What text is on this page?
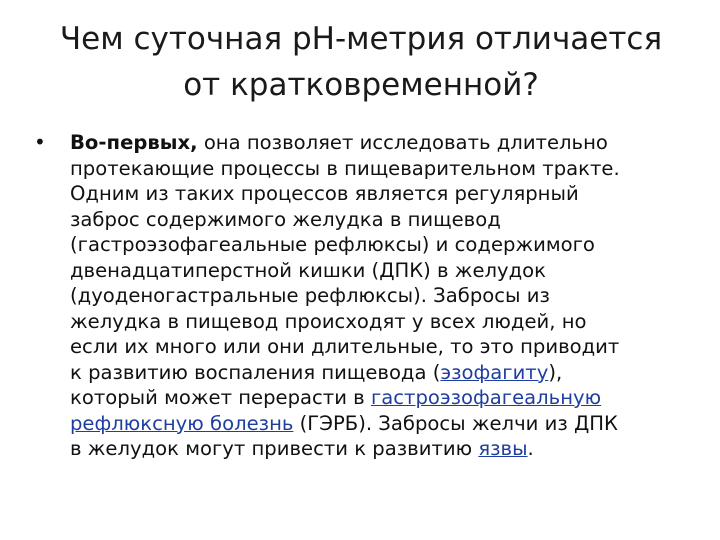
Чем суточная рН-метрия отличается
от кратковременной?
• Во-первых, она позволяет исследовать длительно
протекающие процессы в пищеварительном тракте.
Одним из таких процессов является регулярный
заброс содержимого желудка в пищевод
(гастроэзофагеальные рефлюксы) и содержимого
двенадцатиперстной кишки (ДПК) в желудок
(дуоденогастральные рефлюксы). Забросы из
желудка в пищевод происходят у всех людей, но
если их много или они длительные, то это приводит
к развитию воспаления пищевода (эзофагиту),
который может перерасти в гастроэзофагеальную
рефлюксную болезнь (ГЭРБ). Забросы желчи из ДПК
в желудок могут привести к развитию язвы.
